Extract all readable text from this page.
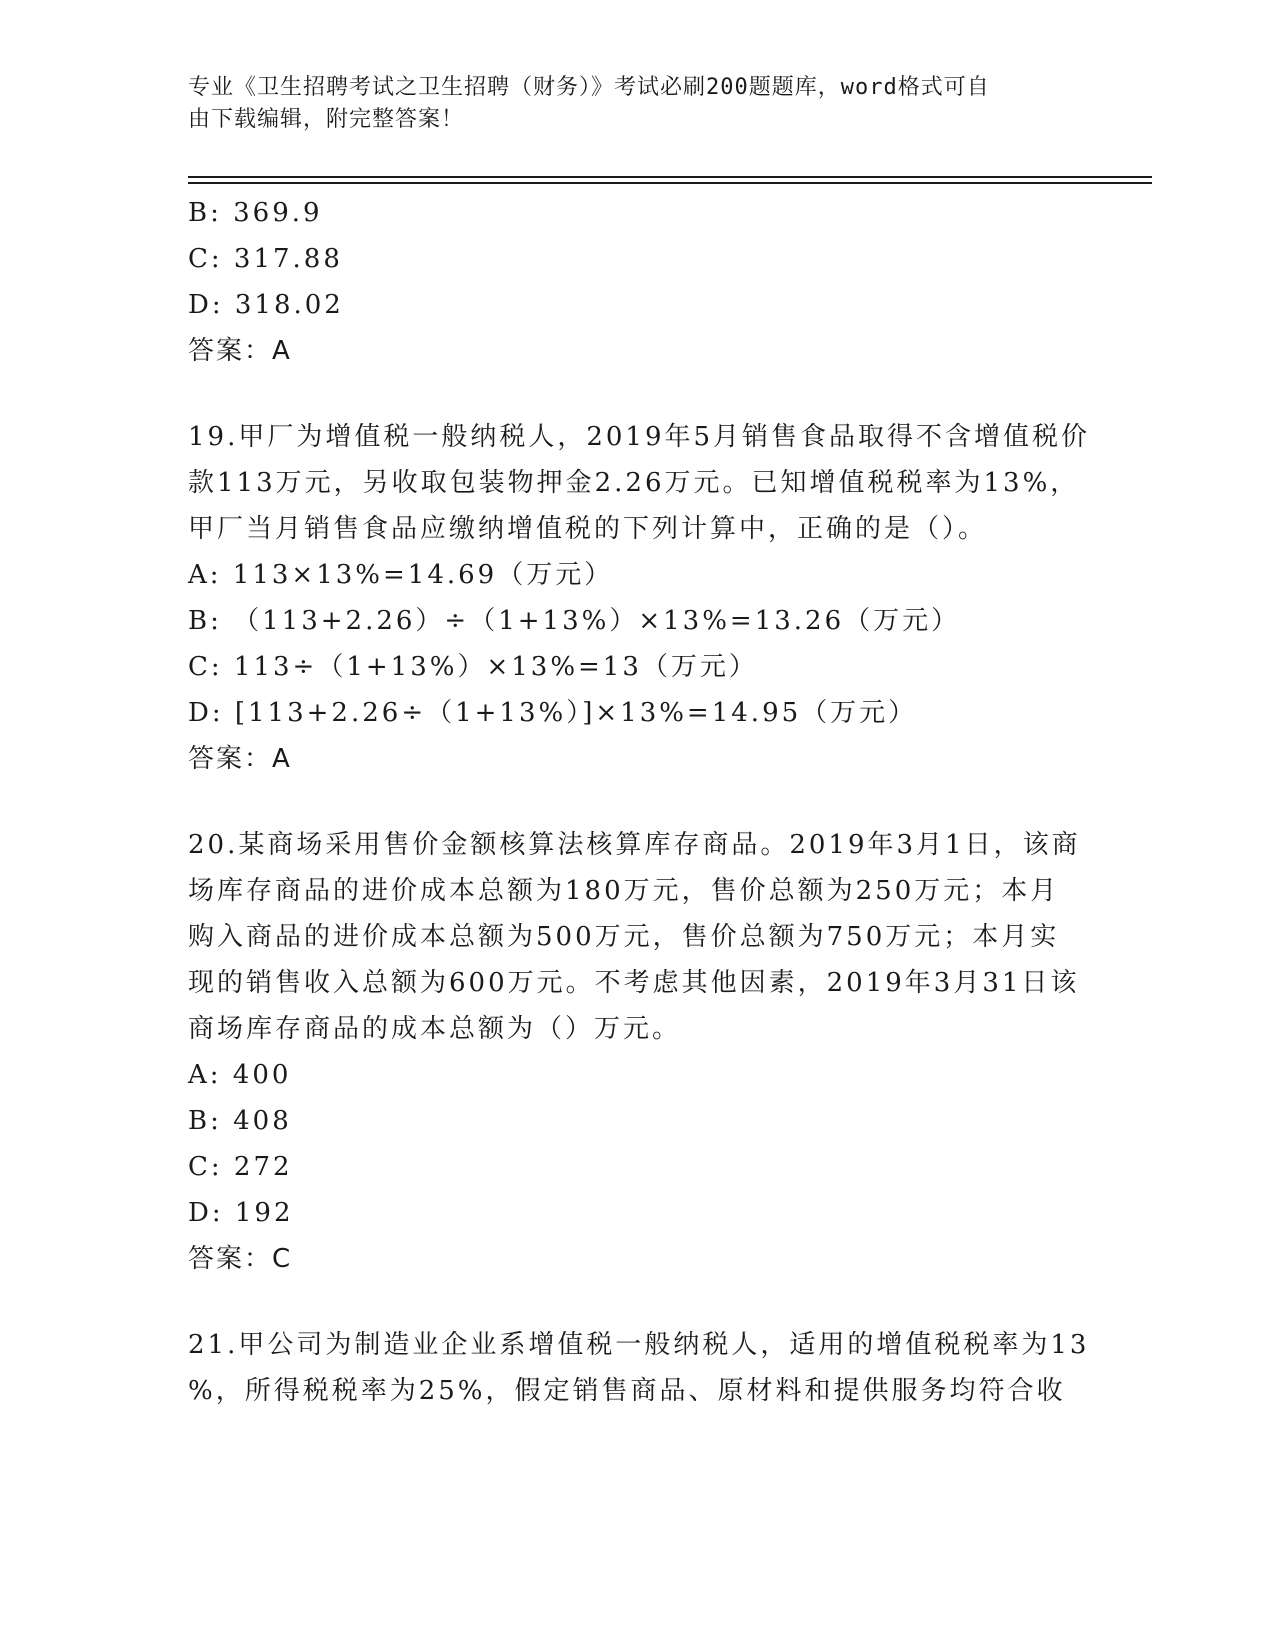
专业《卫生招聘考试之卫生招聘（财务）》考试必刷200题题库，word格式可自
由下载编辑，附完整答案！
B: 369.9
C: 317.88
D: 318.02
答案：A
19.甲厂为增值税一般纳税人，2019年5月销售食品取得不含增值税价
款113万元，另收取包装物押金2.26万元。已知增值税税率为13%，
甲厂当月销售食品应缴纳增值税的下列计算中，正确的是（）。
A: 113×13%=14.69（万元）
B: （113+2.26）÷（1+13%）×13%=13.26（万元）
C: 113÷（1+13%）×13%=13（万元）
D: [113+2.26÷（1+13%）]×13%=14.95（万元）
答案：A
20.某商场采用售价金额核算法核算库存商品。2019年3月1日，该商
场库存商品的进价成本总额为180万元，售价总额为250万元；本月
购入商品的进价成本总额为500万元，售价总额为750万元；本月实
现的销售收入总额为600万元。不考虑其他因素，2019年3月31日该
商场库存商品的成本总额为（）万元。
A: 400
B: 408
C: 272
D: 192
答案：C
21.甲公司为制造业企业系增值税一般纳税人，适用的增值税税率为13
%，所得税税率为25%，假定销售商品、原材料和提供服务均符合收
